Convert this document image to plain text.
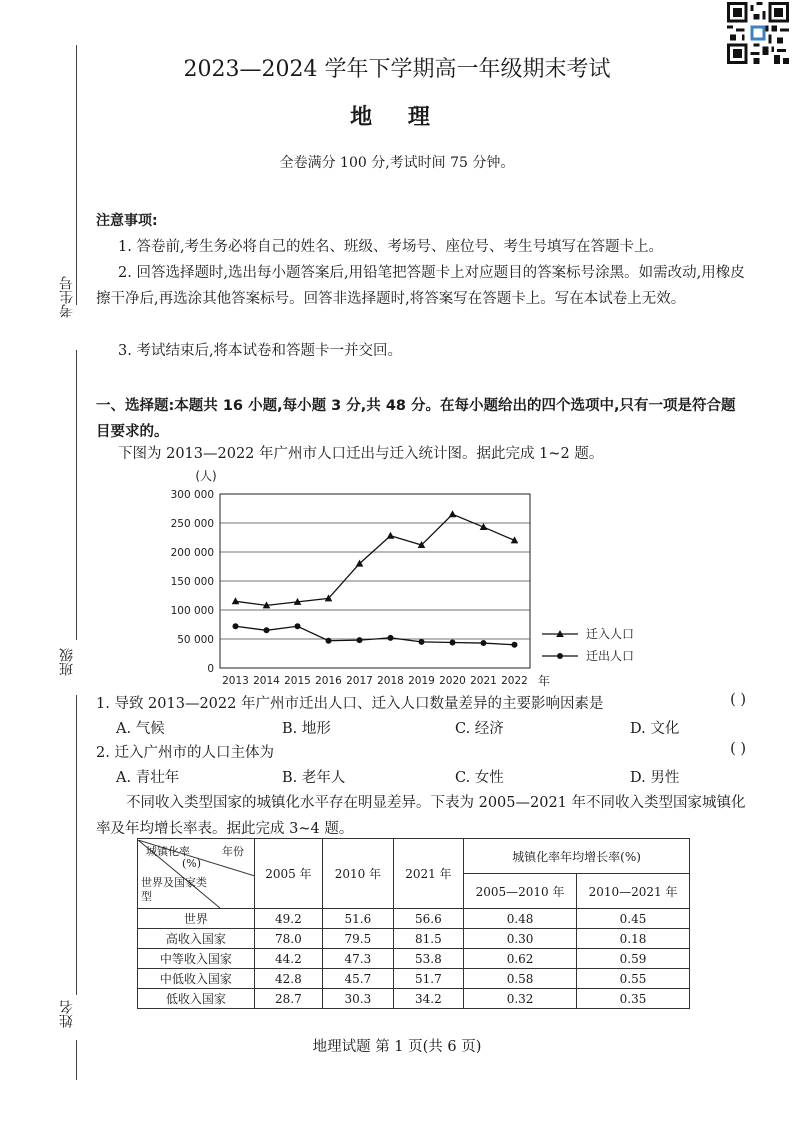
考生号
班级
姓名
2023—2024 学年下学期高一年级期末考试
地 理
全卷满分 100 分,考试时间 75 分钟。
注意事项:
1. 答卷前,考生务必将自己的姓名、班级、考场号、座位号、考生号填写在答题卡上。
2. 回答选择题时,选出每小题答案后,用铅笔把答题卡上对应题目的答案标号涂黑。如需改动,用橡皮擦干净后,再选涂其他答案标号。回答非选择题时,将答案写在答题卡上。写在本试卷上无效。
3. 考试结束后,将本试卷和答题卡一并交回。
一、选择题:本题共 16 小题,每小题 3 分,共 48 分。在每小题给出的四个选项中,只有一项是符合题目要求的。
下图为 2013—2022 年广州市人口迁出与迁入统计图。据此完成 1~2 题。
0
50 000
100 000
150 000
200 000
250 000
300 000
2013 2014 2015 2016 2017 2018 2019 2020 2021 2022
(人)
年
迁入人口
迁出人口
1. 导致 2013—2022 年广州市迁出人口、迁入人口数量差异的主要影响因素是	( )
A. 气候	B. 地形	C. 经济	D. 文化
2. 迁入广州市的人口主体为	( )
A. 青壮年	B. 老年人	C. 女性	D. 男性
不同收入类型国家的城镇化水平存在明显差异。下表为 2005—2021 年不同收入类型国家城镇化率及年均增长率表。据此完成 3~4 题。
城镇化率 年份
(%)
世界及国家类型	2005 年	2010 年	2021 年	城镇化率年均增长率(%)	
				2005—2010 年	2010—2021 年
世界	49.2	51.6	56.6	0.48	0.45
高收入国家	78.0	79.5	81.5	0.30	0.18
中等收入国家	44.2	47.3	53.8	0.62	0.59
中低收入国家	42.8	45.7	51.7	0.58	0.55
低收入国家	28.7	30.3	34.2	0.32	0.35
地理试题 第 1 页(共 6 页)
